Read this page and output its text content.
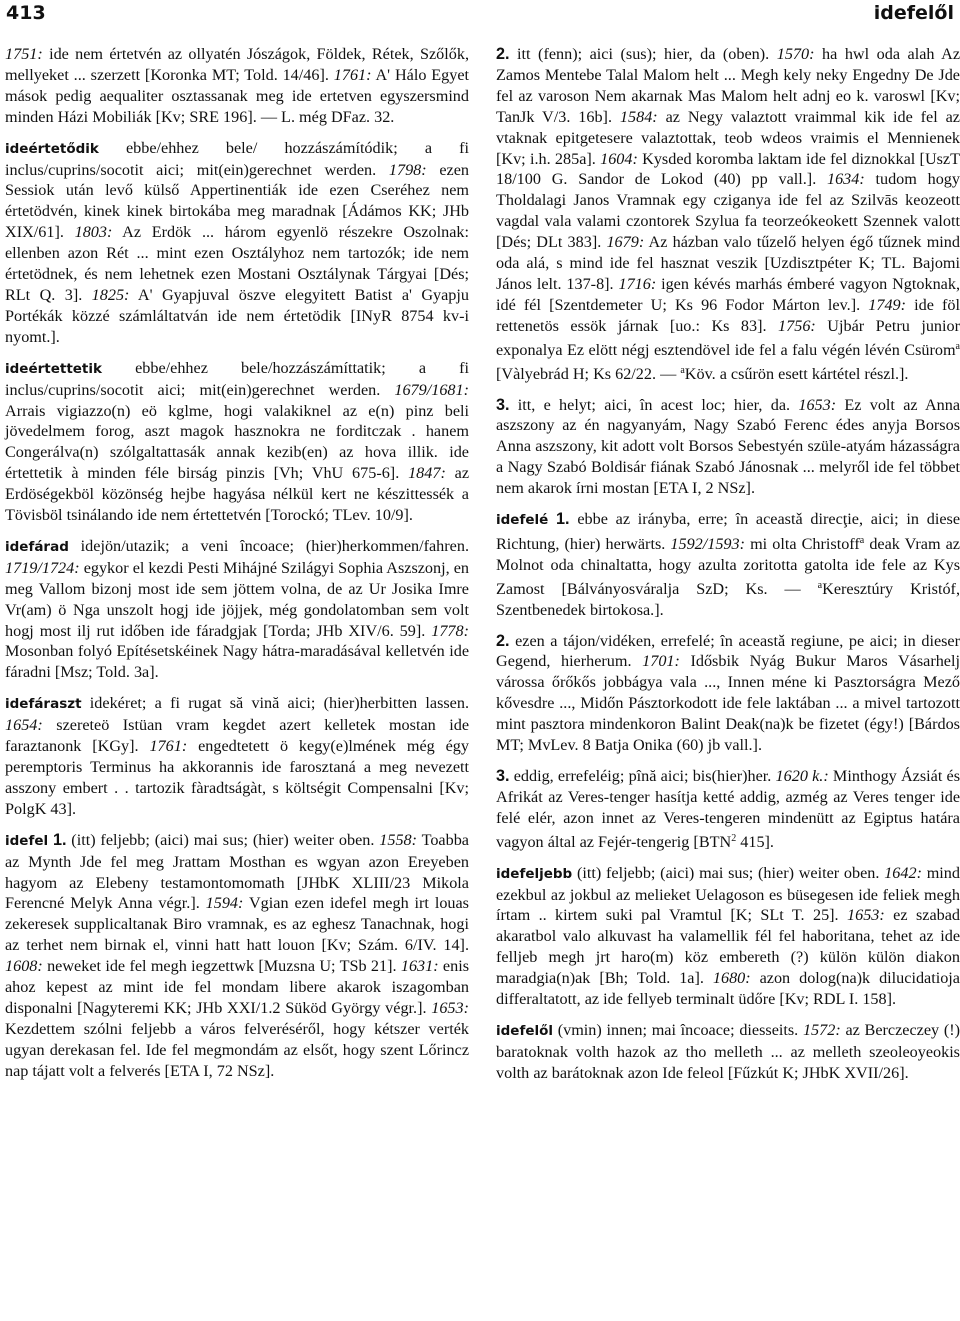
413	idefelől

1751: ide nem értetvén az ollyatén Jószágok, Földek, Rétek, Szőlők, mellyeket ... szerzett [Koronka MT; Told. 14/46]. 1761: A' Hálo Egyet mások pedig aequaliter osztassanak meg ide ertetven egyszersmind minden Házi Mobiliák [Kv; SRE 196]. — L. még DFaz. 32.

ideértetődik ebbe/ehhez bele/ hozzászámítódik; a fi inclus/cuprins/socotit aici; mit(ein)gerechnet werden. 1798: ezen Sessiok után levő külső Appertinentiák ide ezen Cseréhez nem értetödvén, kinek kinek birtokába meg maradnak [Ádámos KK; JHb XIX/61]. 1803: Az Erdök ... három egyenlö részekre Oszolnak: ellenben azon Rét ... mint ezen Osztályhoz nem tartozók; ide nem értetödnek, és nem lehetnek ezen Mostani Osztálynak Tárgyai [Dés; RLt Q. 3]. 1825: A' Gyapjuval öszve elegyitett Batist a' Gyapju Portékák közzé számláltatván ide nem értetödik [INyR 8754 kv-i nyomt.].

ideértettetik ebbe/ehhez bele/hozzászámíttatik; a fi inclus/cuprins/socotit aici; mit(ein)gerechnet werden. 1679/1681: Arrais vigiazzo(n) eö kglme, hogi valakiknel az e(n) pinz beli jövedelmem forog, aszt magok hasznokra ne forditczak . hanem Congerálva(n) szólgaltattasák annak kezib(en) az hova illik. ide értettetik à minden féle birság pinzis [Vh; VhU 675-6]. 1847: az Erdöségekböl közönség hejbe hagyása nélkül kert ne készittessék a Tövisböl tsinálando ide nem értettetvén [Torockó; TLev. 10/9].

idefárad idejön/utazik; a veni încoace; (hier)herkommen/fahren. 1719/1724: egykor el kezdi Pesti Mihájné Szilágyi Sophia Aszszonj, en meg Vallom bizonj most ide sem jöttem volna, de az Ur Josika Imre Vr(am) ö Nga unszolt hogj ide jöjjek, még gondolatomban sem volt hogj most ilj rut időben ide fáradgjak [Torda; JHb XIV/6. 59]. 1778: Mosonban folyó Epítésetskéinek Nagy hátra-maradásával kelletvén ide fáradni [Msz; Told. 3a].

idefáraszt idekéret; a fi rugat să vină aici; (hier)herbitten lassen. 1654: szereteö Istüan vram kegdet azert kelletek mostan ide faraztanonk [KGy]. 1761: engedtetett ö kegy(e)lmének még égy peremptoris Terminus ha akkorannis ide farosztaná a meg nevezett asszony embert . . tartozik fàradtságàt, s költségit Compensalni [Kv; PolgK 43].

idefel 1. (itt) feljebb; (aici) mai sus; (hier) weiter oben. 1558: Toabba az Mynth Jde fel meg Jrattam Mosthan es wgyan azon Ereyeben hagyom az Elebeny testamontomomath [JHbK XLIII/23 Mikola Ferencné Melyk Anna végr.]. 1594: Vgian ezen idefel megh irt louas zekeresek supplicaltanak Biro vramnak, es az eghesz Tanachnak, hogi az terhet nem birnak el, vinni hatt hatt louon [Kv; Szám. 6/IV. 14]. 1608: neweket ide fel megh iegzettwk [Muzsna U; TSb 21]. 1631: enis ahoz kepest az mint ide fel mondam libere akarok iszagomban disponalni [Nagyteremi KK; JHb XXI/1.2 Süköd György végr.]. 1653: Kezdettem szólni feljebb a város felveréséről, hogy kétszer verték ugyan derekasan fel. Ide fel megmondám az elsőt, hogy szent Lőrincz nap tájatt volt a felverés [ETA I, 72 NSz].

2. itt (fenn); aici (sus); hier, da (oben). 1570: ha hwl oda alah Az Zamos Mentebe Talal Malom helt ... Megh kely neky Engedny De Jde fel az varoson Nem akarnak Mas Malom helt adnj eo k. varoswl [Kv; TanJk V/3. 16b]. 1584: az Negy valaztott vraimmal kik ide fel az vtaknak epitgetesere valaztottak, teob wdeos vraimis el Mennienek [Kv; i.h. 285a]. 1604: Kysded koromba laktam ide fel diznokkal [UszT 18/100 G. Sandor de Lokod (40) pp vall.]. 1634: tudom hogy Tholdalagi Janos Vramnak egy cziganya ide fel az Szilvās keozeott vagdal vala valami czontorek Szylua fa teorzeókeokett Szennek valott [Dés; DLt 383]. 1679: Az házban valo tűzelő helyen égő tűznek mind oda alá, s mind ide fel hasznat veszik [Uzdisztpéter K; TL. Bajomi János lelt. 137-8]. 1716: igen kévés marhás émberé vagyon Ngtoknak, idé fél [Szentdemeter U; Ks 96 Fodor Márton lev.]. 1749: ide föl rettenetös essök járnak [uo.: Ks 83]. 1756: Ujbár Petru junior exponalya Ez elött négj esztendövel ide fel a falu végén lévén Csürom$^a$ [Vàlyebrád H; Ks 62/22. — $^a$Köv. a csűrön esett kártétel részl.].

3. itt, e helyt; aici, în acest loc; hier, da. 1653: Ez volt az Anna aszszony az én nagyanyám, Nagy Szabó Ferenc édes anyja Borsos Anna aszszony, kit adott volt Borsos Sebestyén szüle-atyám házasságra a Nagy Szabó Boldisár fiának Szabó Jánosnak ... melyről ide fel többet nem akarok írni mostan [ETA I, 2 NSz].

idefelé 1. ebbe az irányba, erre; în aceastǎ direcţie, aici; in diese Richtung, (hier) herwärts. 1592/1593: mi olta Christoff$^a$ deak Vram az Molnot oda chinaltatta, hogy azulta zoritotta gatolta ide fele az Kys Zamost [Bálványosváralja SzD; Ks. — $^a$Keresztúry Kristóf, Szentbenedek birtokosa.].

2. ezen a tájon/vidéken, errefelé; în aceastǎ regiune, pe aici; in dieser Gegend, hierherum. 1701: Idősbik Nyág Bukur Maros Vásarhelj várossa őrőkős jobbágya vala ..., Innen méne ki Pasztorságra Mező kővesdre ..., Midőn Pásztorkodott ide fele laktában ... a mivel tartozott mint pasztora mindenkoron Balint Deak(na)k be fizetet (égy!) [Bárdos MT; MvLev. 8 Batja Onika (60) jb vall.].

3. eddig, errefeléig; pînă aici; bis(hier)her. 1620 k.: Minthogy Ázsiát és Afrikát az Veres-tenger hasítja ketté addig, azmég az Veres tenger ide felé elér, azon innet az Veres-tengeren mindenütt az Egiptus határa vagyon által az Fejér-tengerig [BTN$^2$ 415].

idefeljebb (itt) feljebb; (aici) mai sus; (hier) weiter oben. 1642: mind ezekbul az jokbul az melieket Uelagoson es büsegesen ide feliek megh írtam .. kirtem suki pal Vramtul [K; SLt T. 25]. 1653: ez szabad akaratbol valo alkuvast ha valamellik fél fel haboritana, tehet az ide felljeb megh jrt haro(m) köz embereth (?) külön külön diakon maradgia(n)ak [Bh; Told. 1a]. 1680: azon dolog(na)k dilucidatioja differaltatott, az ide fellyeb terminalt üdőre [Kv; RDL I. 158].

idefelől (vmin) innen; mai încoace; diesseits. 1572: az Berczeczey (!) baratoknak volth hazok az tho melleth ... az melleth szeoleoyeokis volth az barátoknak azon Ide feleol [Fűzkút K; JHbK XVII/26].
